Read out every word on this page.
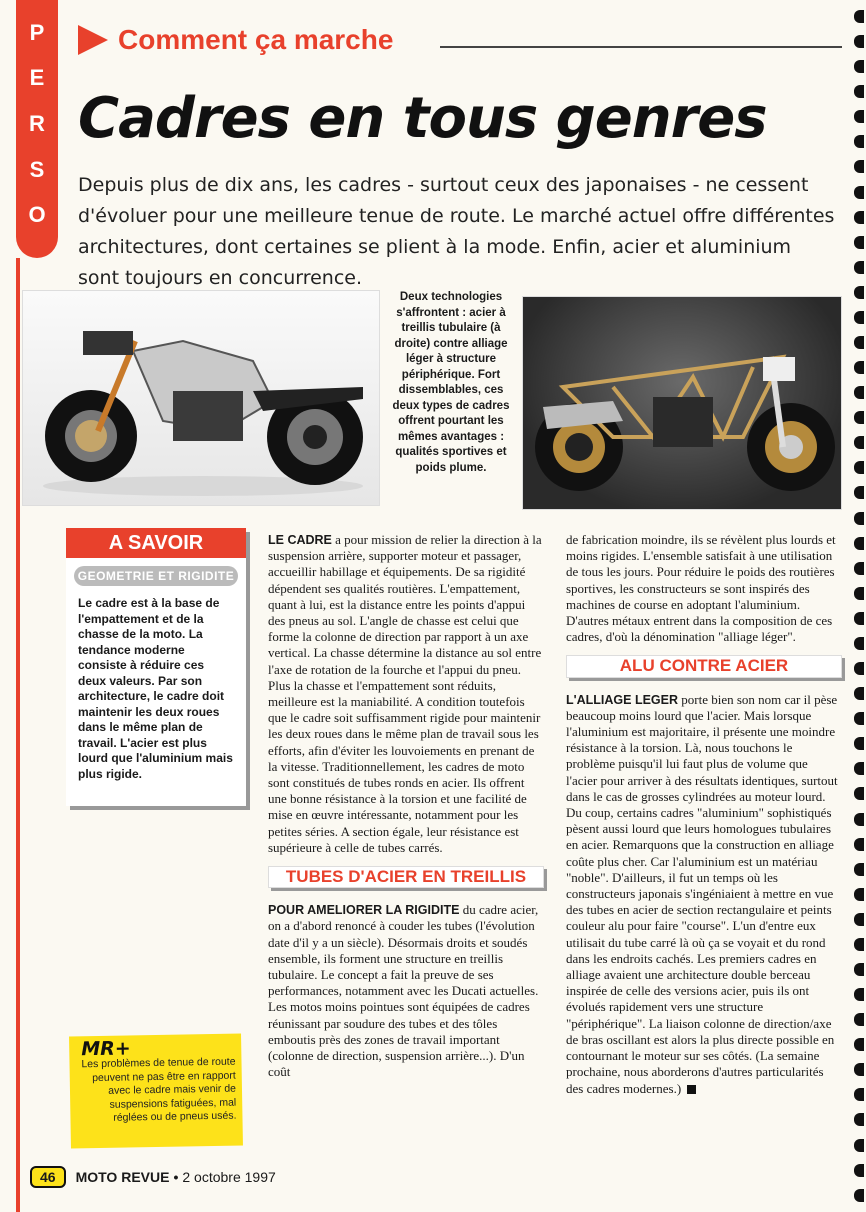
P
E
R
S
O
Comment ça marche
Cadres en tous genres
Depuis plus de dix ans, les cadres - surtout ceux des japonaises - ne cessent d'évoluer pour une meilleure tenue de route. Le marché actuel offre différentes architectures, dont certaines se plient à la mode. Enfin, acier et aluminium sont toujours en concurrence.
Deux technologies s'affrontent : acier à treillis tubulaire (à droite) contre alliage léger à structure périphérique. Fort dissemblables, ces deux types de cadres offrent pourtant les mêmes avantages : qualités sportives et poids plume.
A SAVOIR
GEOMETRIE ET RIGIDITE
Le cadre est à la base de l'empattement et de la chasse de la moto. La tendance moderne consiste à réduire ces deux valeurs. Par son architecture, le cadre doit maintenir les deux roues dans le même plan de travail. L'acier est plus lourd que l'aluminium mais plus rigide.
MR+
Les problèmes de tenue de route peuvent ne pas être en rapport avec le cadre mais venir de suspensions fatiguées, mal réglées ou de pneus usés.

LE CADRE a pour mission de relier la direction à la suspension arrière, supporter moteur et passager, accueillir habillage et équipements. De sa rigidité dépendent ses qualités routières. L'empattement, quant à lui, est la distance entre les points d'appui des pneus au sol. L'angle de chasse est celui que forme la colonne de direction par rapport à un axe vertical. La chasse détermine la distance au sol entre l'axe de rotation de la fourche et l'appui du pneu. Plus la chasse et l'empattement sont réduits, meilleure est la maniabilité. A condition toutefois que le cadre soit suffisamment rigide pour maintenir les deux roues dans le même plan de travail sous les efforts, afin d'éviter les louvoiements en prenant de la vitesse. Traditionnellement, les cadres de moto sont constitués de tubes ronds en acier. Ils offrent une bonne résistance à la torsion et une facilité de mise en œuvre intéressante, notamment pour les petites séries. A section égale, leur résistance est supérieure à celle de tubes carrés.

TUBES D'ACIER EN TREILLIS

POUR AMELIORER LA RIGIDITE du cadre acier, on a d'abord renoncé à couder les tubes (l'évolution date d'il y a un siècle). Désormais droits et soudés ensemble, ils forment une structure en treillis tubulaire. Le concept a fait la preuve de ses performances, notamment avec les Ducati actuelles. Les motos moins pointues sont équipées de cadres réunissant par soudure des tubes et des tôles emboutis près des zones de travail important (colonne de direction, suspension arrière...). D'un coût

de fabrication moindre, ils se révèlent plus lourds et moins rigides. L'ensemble satisfait à une utilisation de tous les jours. Pour réduire le poids des routières sportives, les constructeurs se sont inspirés des machines de course en adoptant l'aluminium. D'autres métaux entrent dans la composition de ces cadres, d'où la dénomination "alliage léger".

ALU CONTRE ACIER

L'ALLIAGE LEGER porte bien son nom car il pèse beaucoup moins lourd que l'acier. Mais lorsque l'aluminium est majoritaire, il présente une moindre résistance à la torsion. Là, nous touchons le problème puisqu'il lui faut plus de volume que l'acier pour arriver à des résultats identiques, surtout dans le cas de grosses cylindrées au moteur lourd. Du coup, certains cadres "aluminium" sophistiqués pèsent aussi lourd que leurs homologues tubulaires en acier. Remarquons que la construction en alliage coûte plus cher. Car l'aluminium est un matériau "noble". D'ailleurs, il fut un temps où les constructeurs japonais s'ingéniaient à mettre en vue des tubes en acier de section rectangulaire et peints couleur alu pour faire "course". L'un d'entre eux utilisait du tube carré là où ça se voyait et du rond dans les endroits cachés. Les premiers cadres en alliage avaient une architecture double berceau inspirée de celle des versions acier, puis ils ont évolués rapidement vers une structure "périphérique". La liaison colonne de direction/axe de bras oscillant est alors la plus directe possible en contournant le moteur sur ses côtés. (La semaine prochaine, nous aborderons d'autres particularités des cadres modernes.)

46	MOTO REVUE • 2 octobre 1997
